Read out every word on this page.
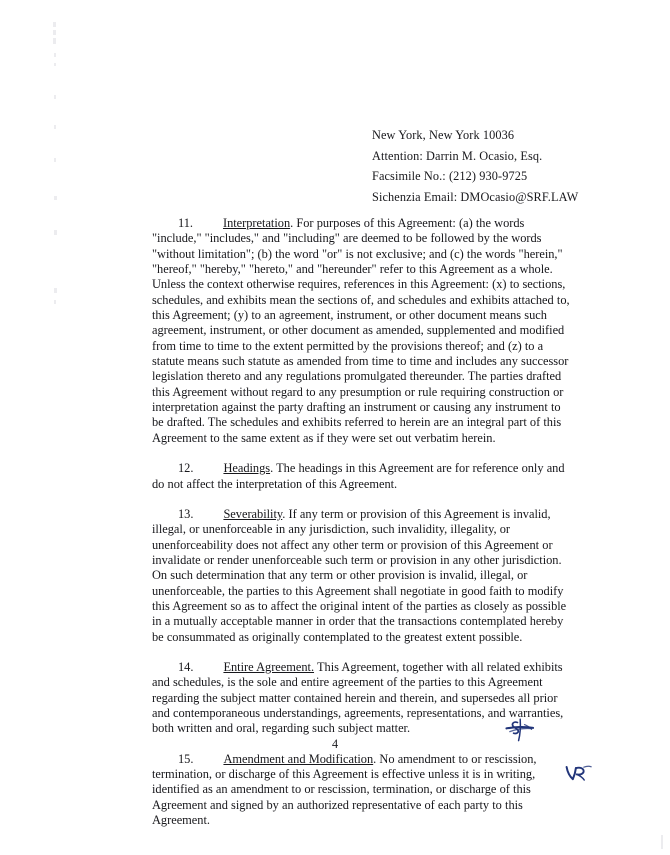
New York, New York 10036
Attention: Darrin M. Ocasio, Esq.
Facsimile No.: (212) 930-9725
Sichenzia Email: DMOcasio@SRF.LAW

11. Interpretation. For purposes of this Agreement: (a) the words "include," "includes," and "including" are deemed to be followed by the words "without limitation"; (b) the word "or" is not exclusive; and (c) the words "herein," "hereof," "hereby," "hereto," and "hereunder" refer to this Agreement as a whole. Unless the context otherwise requires, references in this Agreement: (x) to sections, schedules, and exhibits mean the sections of, and schedules and exhibits attached to, this Agreement; (y) to an agreement, instrument, or other document means such agreement, instrument, or other document as amended, supplemented and modified from time to time to the extent permitted by the provisions thereof; and (z) to a statute means such statute as amended from time to time and includes any successor legislation thereto and any regulations promulgated thereunder. The parties drafted this Agreement without regard to any presumption or rule requiring construction or interpretation against the party drafting an instrument or causing any instrument to be drafted. The schedules and exhibits referred to herein are an integral part of this Agreement to the same extent as if they were set out verbatim herein.

12. Headings. The headings in this Agreement are for reference only and do not affect the interpretation of this Agreement.

13. Severability. If any term or provision of this Agreement is invalid, illegal, or unenforceable in any jurisdiction, such invalidity, illegality, or unenforceability does not affect any other term or provision of this Agreement or invalidate or render unenforceable such term or provision in any other jurisdiction. On such determination that any term or other provision is invalid, illegal, or unenforceable, the parties to this Agreement shall negotiate in good faith to modify this Agreement so as to affect the original intent of the parties as closely as possible in a mutually acceptable manner in order that the transactions contemplated hereby be consummated as originally contemplated to the greatest extent possible.

14. Entire Agreement. This Agreement, together with all related exhibits and schedules, is the sole and entire agreement of the parties to this Agreement regarding the subject matter contained herein and therein, and supersedes all prior and contemporaneous understandings, agreements, representations, and warranties, both written and oral, regarding such subject matter.

15. Amendment and Modification. No amendment to or rescission, termination, or discharge of this Agreement is effective unless it is in writing, identified as an amendment to or rescission, termination, or discharge of this Agreement and signed by an authorized representative of each party to this Agreement.

4
